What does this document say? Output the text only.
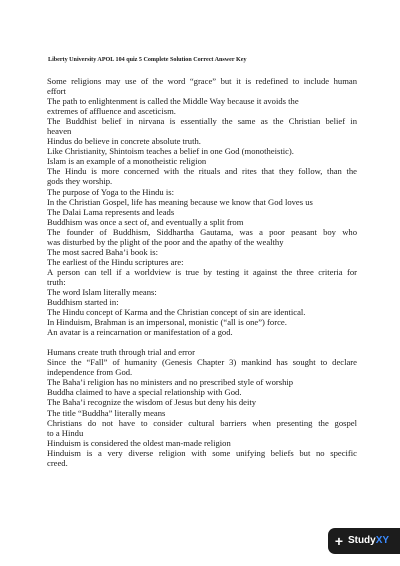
Liberty University APOL 104 quiz 5 Complete Solution Correct Answer Key
Some religions may use of the word “grace” but it is redefined to include human
effort
The path to enlightenment is called the Middle Way because it avoids the
extremes of affluence and asceticism.
The Buddhist belief in nirvana is essentially the same as the Christian belief in
heaven
Hindus do believe in concrete absolute truth.
Like Christianity, Shintoism teaches a belief in one God (monotheistic).
Islam is an example of a monotheistic religion
The Hindu is more concerned with the rituals and rites that they follow, than the
gods they worship.
The purpose of Yoga to the Hindu is:
In the Christian Gospel, life has meaning because we know that God loves us
The Dalai Lama represents and leads
Buddhism was once a sect of, and eventually a split from
The founder of Buddhism, Siddhartha Gautama, was a poor peasant boy who
was disturbed by the plight of the poor and the apathy of the wealthy
The most sacred Baha’i book is:
The earliest of the Hindu scriptures are:
A person can tell if a worldview is true by testing it against the three criteria for
truth:
The word Islam literally means:
Buddhism started in:
The Hindu concept of Karma and the Christian concept of sin are identical.
In Hinduism, Brahman is an impersonal, monistic (“all is one”) force.
An avatar is a reincarnation or manifestation of a god.
Humans create truth through trial and error
Since the “Fall” of humanity (Genesis Chapter 3) mankind has sought to declare
independence from God.
The Baha’i religion has no ministers and no prescribed style of worship
Buddha claimed to have a special relationship with God.
The Baha’i recognize the wisdom of Jesus but deny his deity
The title “Buddha” literally means
Christians do not have to consider cultural barriers when presenting the gospel
to a Hindu
Hinduism is considered the oldest man-made religion
Hinduism is a very diverse religion with some unifying beliefs but no specific
creed.
+ StudyXY
